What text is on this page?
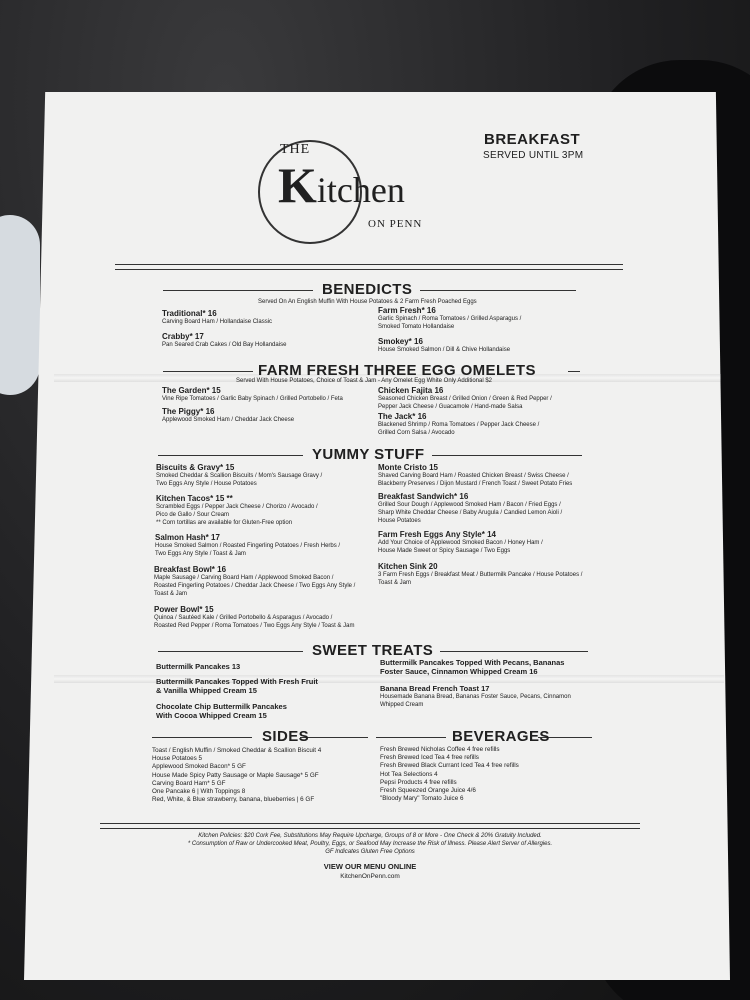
THE
Kitchen
ON PENN
BREAKFAST
SERVED UNTIL 3PM
BENEDICTS
Served On An English Muffin With House Potatoes & 2 Farm Fresh Poached Eggs
Traditional* 16
Carving Board Ham / Hollandaise Classic
Crabby* 17
Pan Seared Crab Cakes / Old Bay Hollandaise
Farm Fresh* 16
Garlic Spinach / Roma Tomatoes / Grilled Asparagus /
Smoked Tomato Hollandaise
Smokey* 16
House Smoked Salmon / Dill & Chive Hollandaise
FARM FRESH THREE EGG OMELETS
Served With House Potatoes, Choice of Toast & Jam - Any Omelet Egg White Only Additional $2
The Garden* 15
Vine Ripe Tomatoes / Garlic Baby Spinach / Grilled Portobello / Feta
The Piggy* 16
Applewood Smoked Ham / Cheddar Jack Cheese
Chicken Fajita 16
Seasoned Chicken Breast / Grilled Onion / Green & Red Pepper /
Pepper Jack Cheese / Guacamole / Hand-made Salsa
The Jack* 16
Blackened Shrimp / Roma Tomatoes / Pepper Jack Cheese /
Grilled Corn Salsa / Avocado
YUMMY STUFF
Biscuits & Gravy* 15
Smoked Cheddar & Scallion Biscuits / Mom's Sausage Gravy /
Two Eggs Any Style / House Potatoes
Kitchen Tacos* 15 **
Scrambled Eggs / Pepper Jack Cheese / Chorizo / Avocado /
Pico de Gallo / Sour Cream
** Corn tortillas are available for Gluten-Free option
Salmon Hash* 17
House Smoked Salmon / Roasted Fingerling Potatoes / Fresh Herbs /
Two Eggs Any Style / Toast & Jam
Breakfast Bowl* 16
Maple Sausage / Carving Board Ham / Applewood Smoked Bacon /
Roasted Fingerling Potatoes / Cheddar Jack Cheese / Two Eggs Any Style /
Toast & Jam
Power Bowl* 15
Quinoa / Sautéed Kale / Grilled Portobello & Asparagus / Avocado /
Roasted Red Pepper / Roma Tomatoes / Two Eggs Any Style / Toast & Jam
Monte Cristo 15
Shaved Carving Board Ham / Roasted Chicken Breast / Swiss Cheese /
Blackberry Preserves / Dijon Mustard / French Toast / Sweet Potato Fries
Breakfast Sandwich* 16
Grilled Sour Dough / Applewood Smoked Ham / Bacon / Fried Eggs /
Sharp White Cheddar Cheese / Baby Arugula / Candied Lemon Aioli /
House Potatoes
Farm Fresh Eggs Any Style* 14
Add Your Choice of Applewood Smoked Bacon / Honey Ham /
House Made Sweet or Spicy Sausage / Two Eggs
Kitchen Sink 20
3 Farm Fresh Eggs / Breakfast Meat / Buttermilk Pancake / House Potatoes /
Toast & Jam
SWEET TREATS
Buttermilk Pancakes 13
Buttermilk Pancakes Topped With Fresh Fruit
& Vanilla Whipped Cream 15
Chocolate Chip Buttermilk Pancakes
With Cocoa Whipped Cream 15
Buttermilk Pancakes Topped With Pecans, Bananas
Foster Sauce, Cinnamon Whipped Cream 16
Banana Bread French Toast 17
Housemade Banana Bread, Bananas Foster Sauce, Pecans, Cinnamon
Whipped Cream
SIDES
Toast / English Muffin / Smoked Cheddar & Scallion Biscuit 4
House Potatoes 5
Applewood Smoked Bacon* 5 GF
House Made Spicy Patty Sausage or Maple Sausage* 5 GF
Carving Board Ham* 5 GF
One Pancake 6 | With Toppings 8
Red, White, & Blue strawberry, banana, blueberries | 6 GF
BEVERAGES
Fresh Brewed Nicholas Coffee 4 free refills
Fresh Brewed Iced Tea 4 free refills
Fresh Brewed Black Currant Iced Tea 4 free refills
Hot Tea Selections 4
Pepsi Products 4 free refills
Fresh Squeezed Orange Juice 4/6
"Bloody Mary" Tomato Juice 6
Kitchen Policies: $20 Cork Fee, Substitutions May Require Upcharge, Groups of 8 or More - One Check & 20% Gratuity Included.
* Consumption of Raw or Undercooked Meat, Poultry, Eggs, or Seafood May Increase the Risk of Illness. Please Alert Server of Allergies.
GF Indicates Gluten Free Options
VIEW OUR MENU ONLINE
KitchenOnPenn.com
